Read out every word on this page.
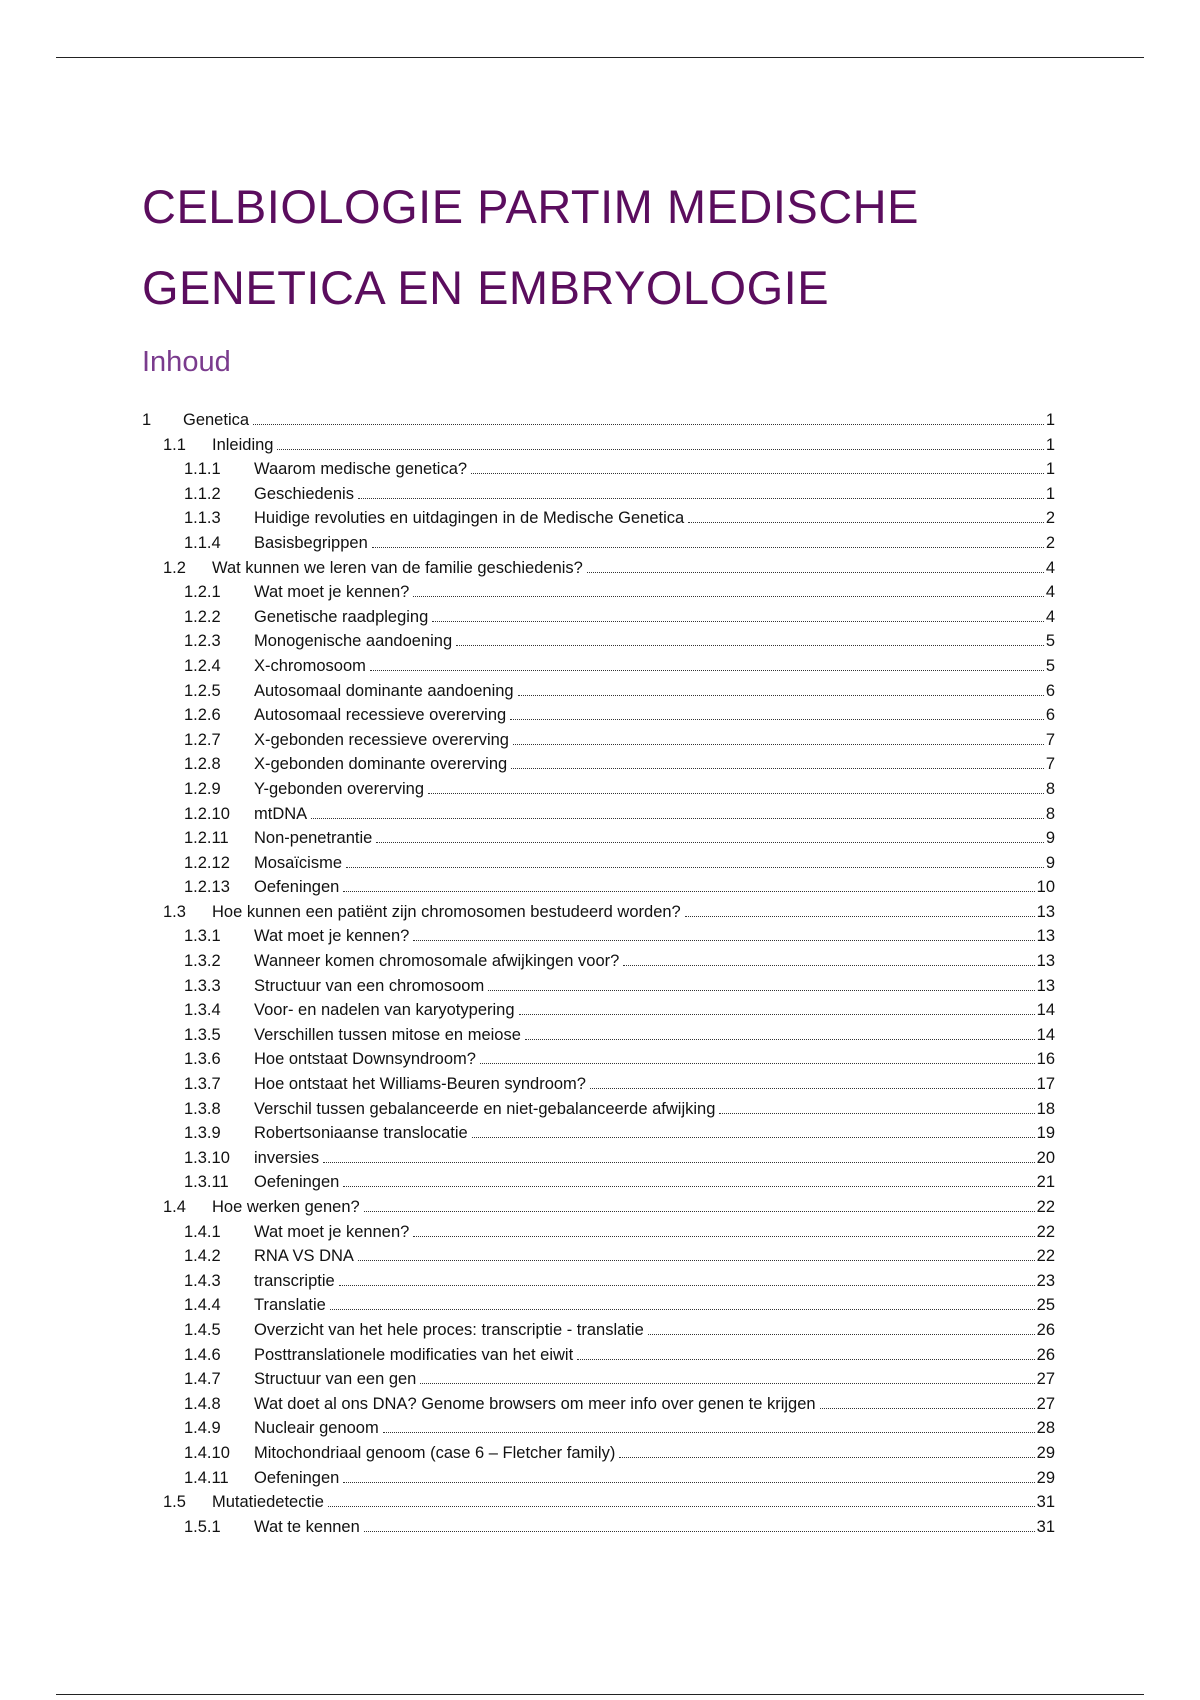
CELBIOLOGIE PARTIM MEDISCHE GENETICA EN EMBRYOLOGIE
Inhoud
1	Genetica	1
1.1	Inleiding	1
1.1.1	Waarom medische genetica?	1
1.1.2	Geschiedenis	1
1.1.3	Huidige revoluties en uitdagingen in de Medische Genetica	2
1.1.4	Basisbegrippen	2
1.2	Wat kunnen we leren van de familie geschiedenis?	4
1.2.1	Wat moet je kennen?	4
1.2.2	Genetische raadpleging	4
1.2.3	Monogenische aandoening	5
1.2.4	X-chromosoom	5
1.2.5	Autosomaal dominante aandoening	6
1.2.6	Autosomaal recessieve overerving	6
1.2.7	X-gebonden recessieve overerving	7
1.2.8	X-gebonden dominante overerving	7
1.2.9	Y-gebonden overerving	8
1.2.10	mtDNA	8
1.2.11	Non-penetrantie	9
1.2.12	Mosaïcisme	9
1.2.13	Oefeningen	10
1.3	Hoe kunnen een patiënt zijn chromosomen bestudeerd worden?	13
1.3.1	Wat moet je kennen?	13
1.3.2	Wanneer komen chromosomale afwijkingen voor?	13
1.3.3	Structuur van een chromosoom	13
1.3.4	Voor- en nadelen van karyotypering	14
1.3.5	Verschillen tussen mitose en meiose	14
1.3.6	Hoe ontstaat Downsyndroom?	16
1.3.7	Hoe ontstaat het Williams-Beuren syndroom?	17
1.3.8	Verschil tussen gebalanceerde en niet-gebalanceerde afwijking	18
1.3.9	Robertsoniaanse translocatie	19
1.3.10	inversies	20
1.3.11	Oefeningen	21
1.4	Hoe werken genen?	22
1.4.1	Wat moet je kennen?	22
1.4.2	RNA VS DNA	22
1.4.3	transcriptie	23
1.4.4	Translatie	25
1.4.5	Overzicht van het hele proces: transcriptie - translatie	26
1.4.6	Posttranslationele modificaties van het eiwit	26
1.4.7	Structuur van een gen	27
1.4.8	Wat doet al ons DNA? Genome browsers om meer info over genen te krijgen	27
1.4.9	Nucleair genoom	28
1.4.10	Mitochondriaal genoom (case 6 – Fletcher family)	29
1.4.11	Oefeningen	29
1.5	Mutatiedetectie	31
1.5.1	Wat te kennen	31
